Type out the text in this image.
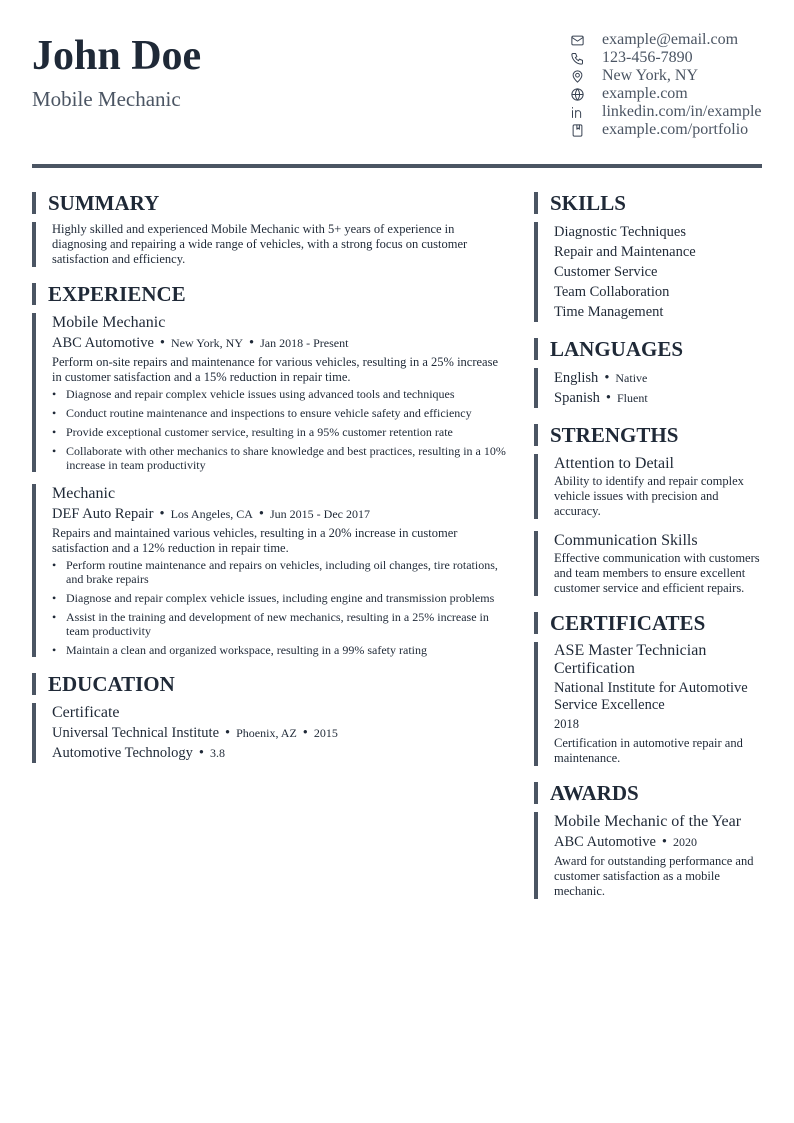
John Doe
Mobile Mechanic
example@email.com
123-456-7890
New York, NY
example.com
linkedin.com/in/example
example.com/portfolio
SUMMARY
Highly skilled and experienced Mobile Mechanic with 5+ years of experience in diagnosing and repairing a wide range of vehicles, with a strong focus on customer satisfaction and efficiency.
EXPERIENCE
Mobile Mechanic
ABC Automotive • New York, NY • Jan 2018 - Present
Perform on-site repairs and maintenance for various vehicles, resulting in a 25% increase in customer satisfaction and a 15% reduction in repair time.
• Diagnose and repair complex vehicle issues using advanced tools and techniques
• Conduct routine maintenance and inspections to ensure vehicle safety and efficiency
• Provide exceptional customer service, resulting in a 95% customer retention rate
• Collaborate with other mechanics to share knowledge and best practices, resulting in a 10% increase in team productivity
Mechanic
DEF Auto Repair • Los Angeles, CA • Jun 2015 - Dec 2017
Repairs and maintained various vehicles, resulting in a 20% increase in customer satisfaction and a 12% reduction in repair time.
• Perform routine maintenance and repairs on vehicles, including oil changes, tire rotations, and brake repairs
• Diagnose and repair complex vehicle issues, including engine and transmission problems
• Assist in the training and development of new mechanics, resulting in a 25% increase in team productivity
• Maintain a clean and organized workspace, resulting in a 99% safety rating
EDUCATION
Certificate
Universal Technical Institute • Phoenix, AZ • 2015
Automotive Technology • 3.8
SKILLS
Diagnostic Techniques
Repair and Maintenance
Customer Service
Team Collaboration
Time Management
LANGUAGES
English • Native
Spanish • Fluent
STRENGTHS
Attention to Detail
Ability to identify and repair complex vehicle issues with precision and accuracy.
Communication Skills
Effective communication with customers and team members to ensure excellent customer service and efficient repairs.
CERTIFICATES
ASE Master Technician Certification
National Institute for Automotive Service Excellence
2018
Certification in automotive repair and maintenance.
AWARDS
Mobile Mechanic of the Year
ABC Automotive • 2020
Award for outstanding performance and customer satisfaction as a mobile mechanic.
